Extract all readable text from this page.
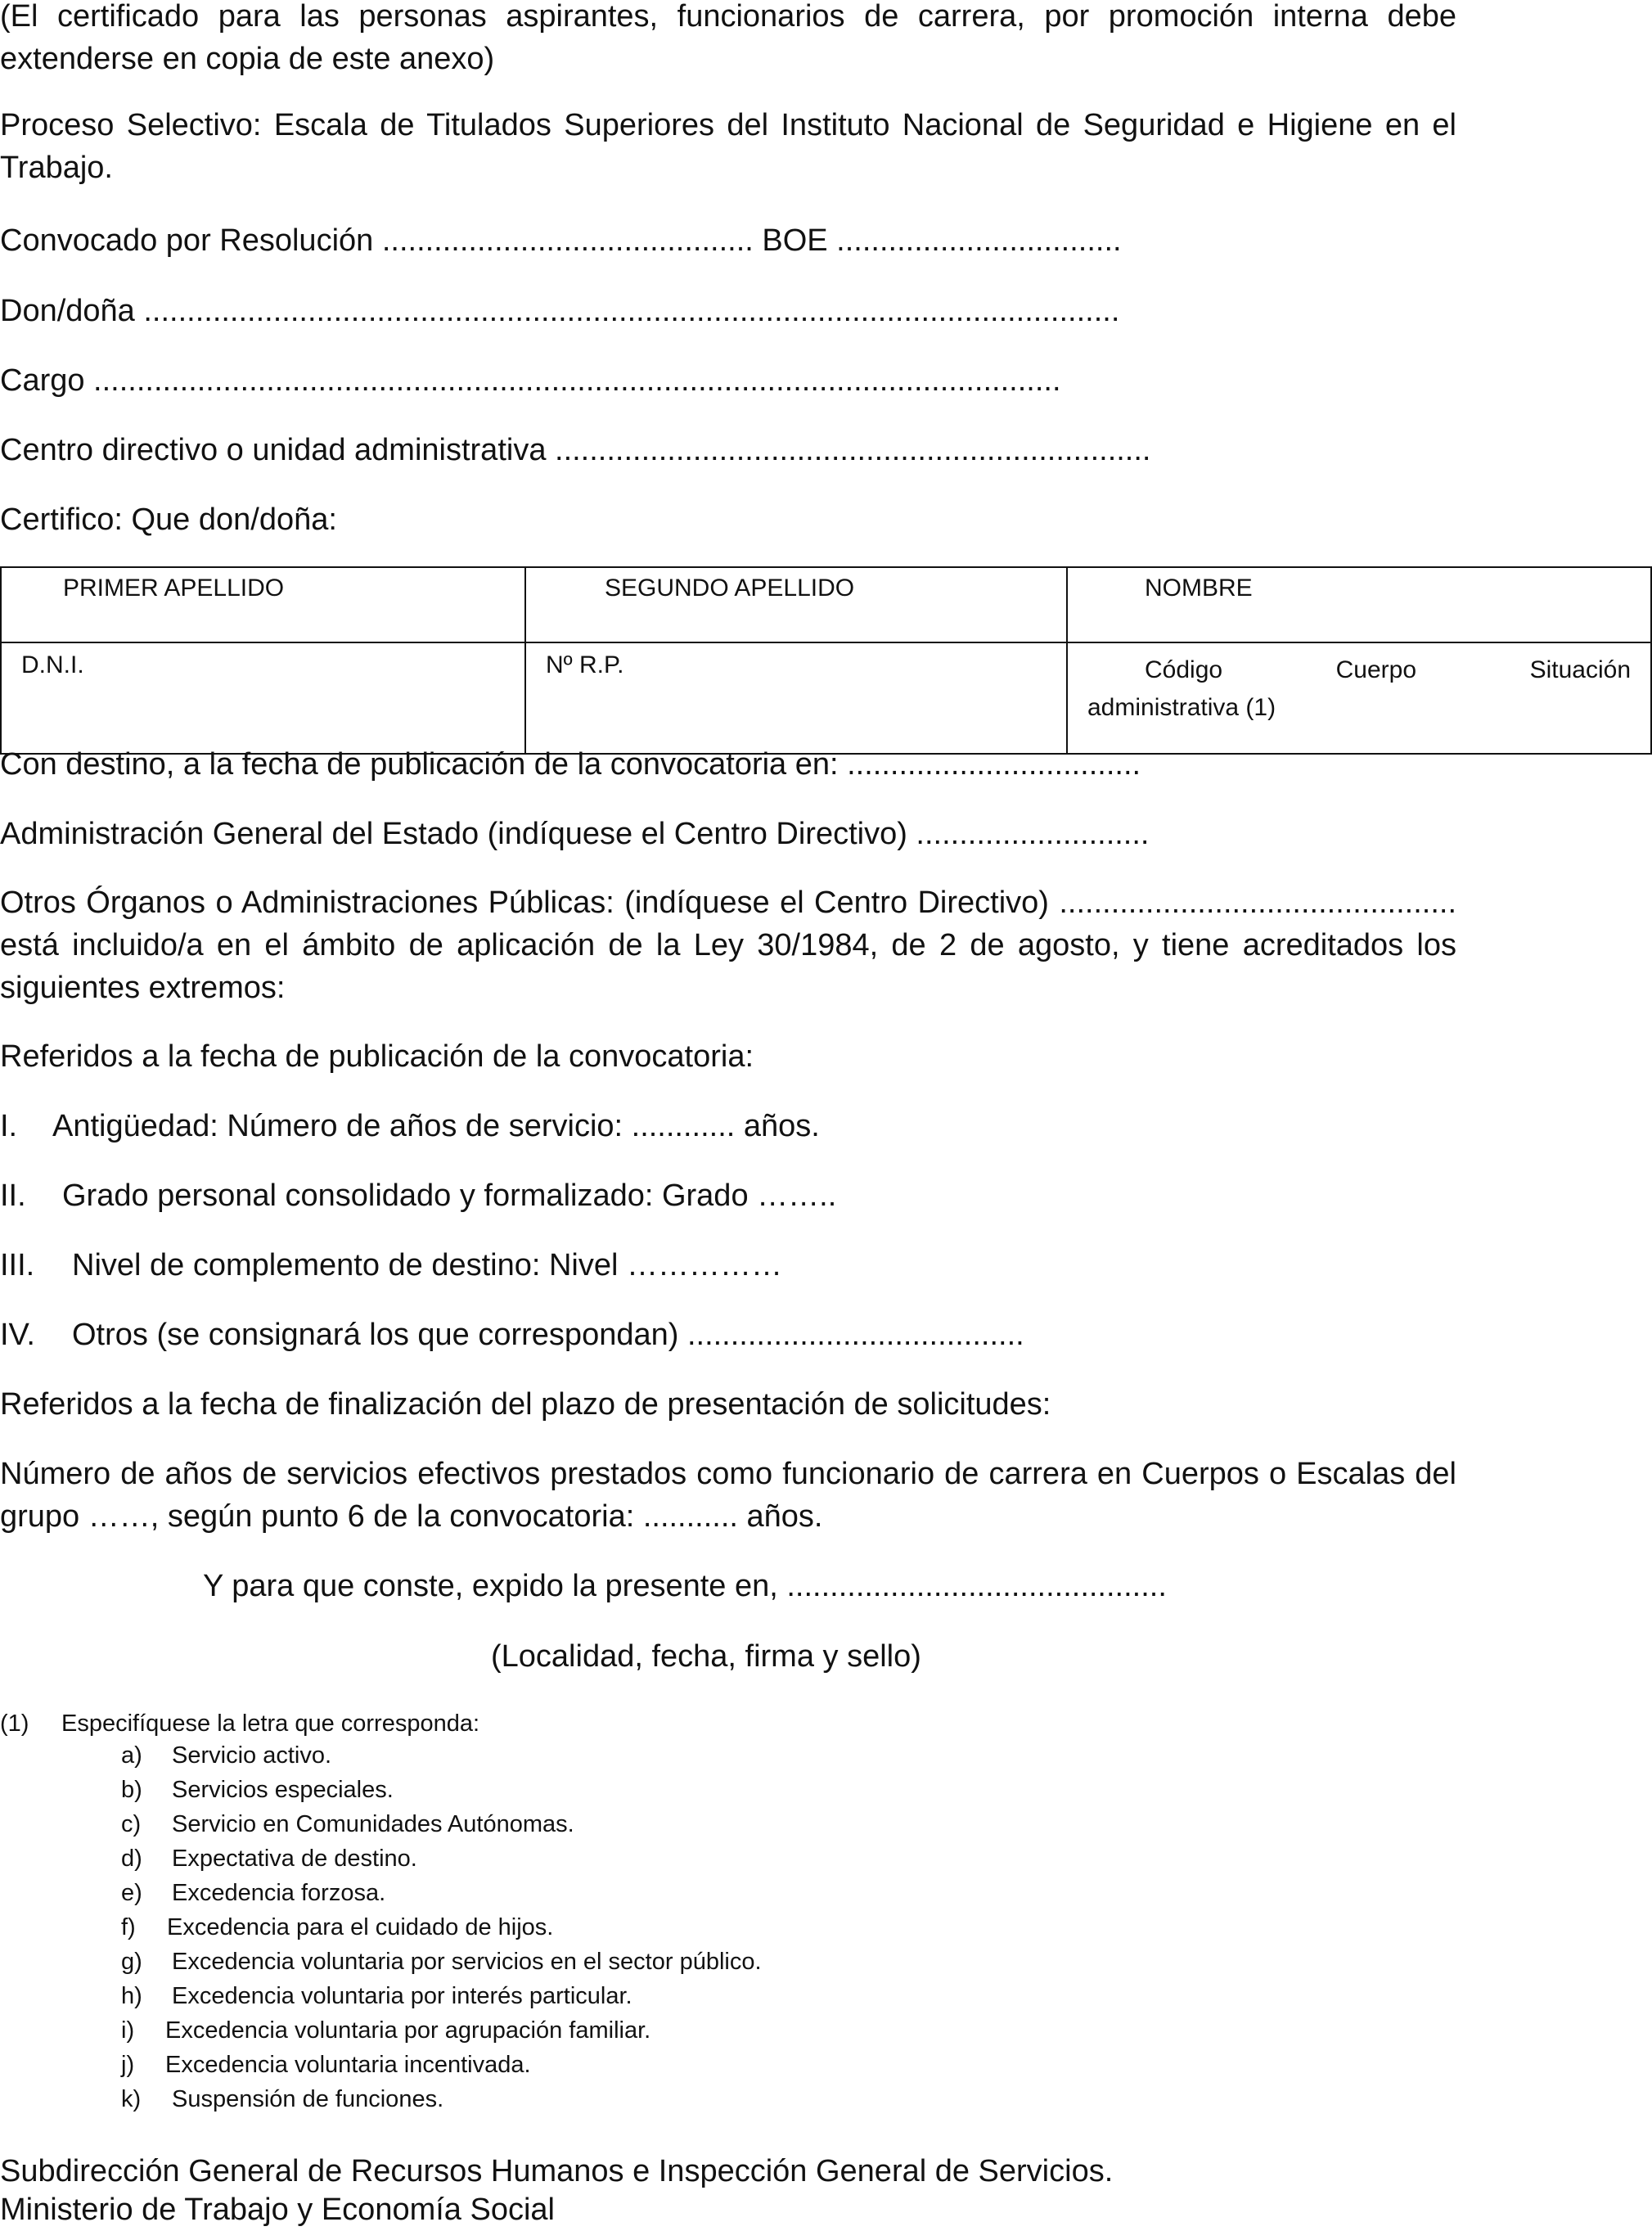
(El certificado para las personas aspirantes, funcionarios de carrera, por promoción interna debe extenderse en copia de este anexo)

Proceso Selectivo: Escala de Titulados Superiores del Instituto Nacional de Seguridad e Higiene en el Trabajo.

Convocado por Resolución ........................................... BOE .................................

Don/doña .................................................................................................................

Cargo ................................................................................................................

Centro directivo o unidad administrativa .....................................................................

Certifico: Que don/doña:

PRIMER APELLIDO	SEGUNDO APELLIDO	NOMBRE
D.N.I.	Nº R.P.	Código        Cuerpo        Situación
administrativa (1)

Con destino, a la fecha de publicación de la convocatoria en: ..................................

Administración General del Estado (indíquese el Centro Directivo) ...........................

Otros Órganos o Administraciones Públicas: (indíquese el Centro Directivo) .............................................. está incluido/a en el ámbito de aplicación de la Ley 30/1984, de 2 de agosto, y tiene acreditados los siguientes extremos:

Referidos a la fecha de publicación de la convocatoria:

I. Antigüedad: Número de años de servicio: ............ años.
II. Grado personal consolidado y formalizado: Grado ……..
III. Nivel de complemento de destino: Nivel ……………
IV. Otros (se consignará los que correspondan) .......................................

Referidos a la fecha de finalización del plazo de presentación de solicitudes:

Número de años de servicios efectivos prestados como funcionario de carrera en Cuerpos o Escalas del grupo ……, según punto 6 de la convocatoria: ........... años.

Y para que conste, expido la presente en, ............................................

(Localidad, fecha, firma y sello)

(1) Especifíquese la letra que corresponda:
a) Servicio activo.
b) Servicios especiales.
c) Servicio en Comunidades Autónomas.
d) Expectativa de destino.
e) Excedencia forzosa.
f) Excedencia para el cuidado de hijos.
g) Excedencia voluntaria por servicios en el sector público.
h) Excedencia voluntaria por interés particular.
i) Excedencia voluntaria por agrupación familiar.
j) Excedencia voluntaria incentivada.
k) Suspensión de funciones.
Subdirección General de Recursos Humanos e Inspección General de Servicios.
Ministerio de Trabajo y Economía Social
